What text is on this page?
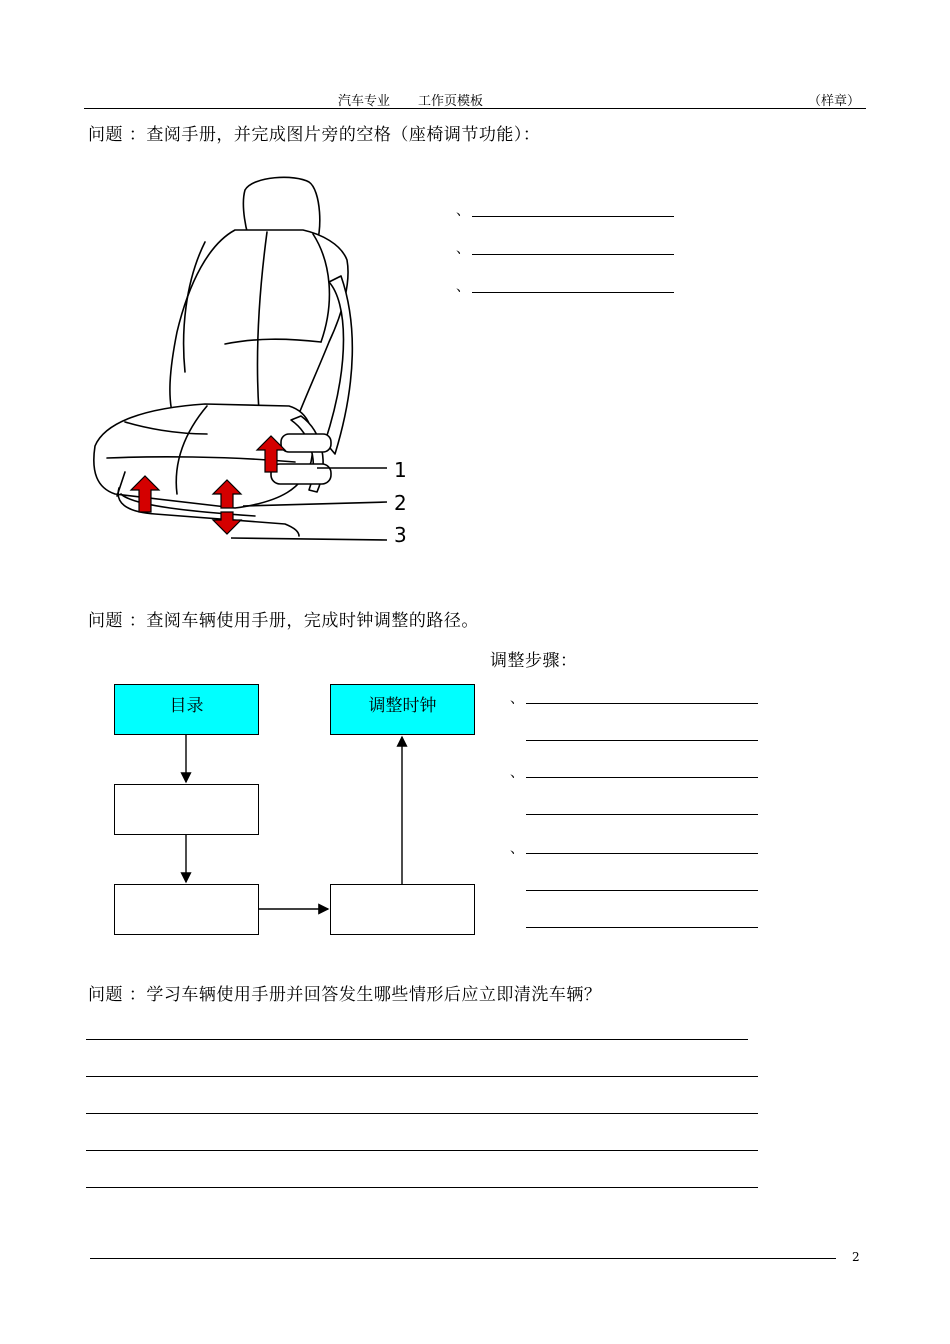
汽车专业 工作页模板	（样章）
问题 ：查阅手册，并完成图片旁的空格（座椅调节功能）：
1
2
3
、
、
、
问题 ：查阅车辆使用手册，完成时钟调整的路径。
调整步骤：
目录	调整时钟	、
、
、
问题 ：学习车辆使用手册并回答发生哪些情形后应立即清洗车辆？
2
